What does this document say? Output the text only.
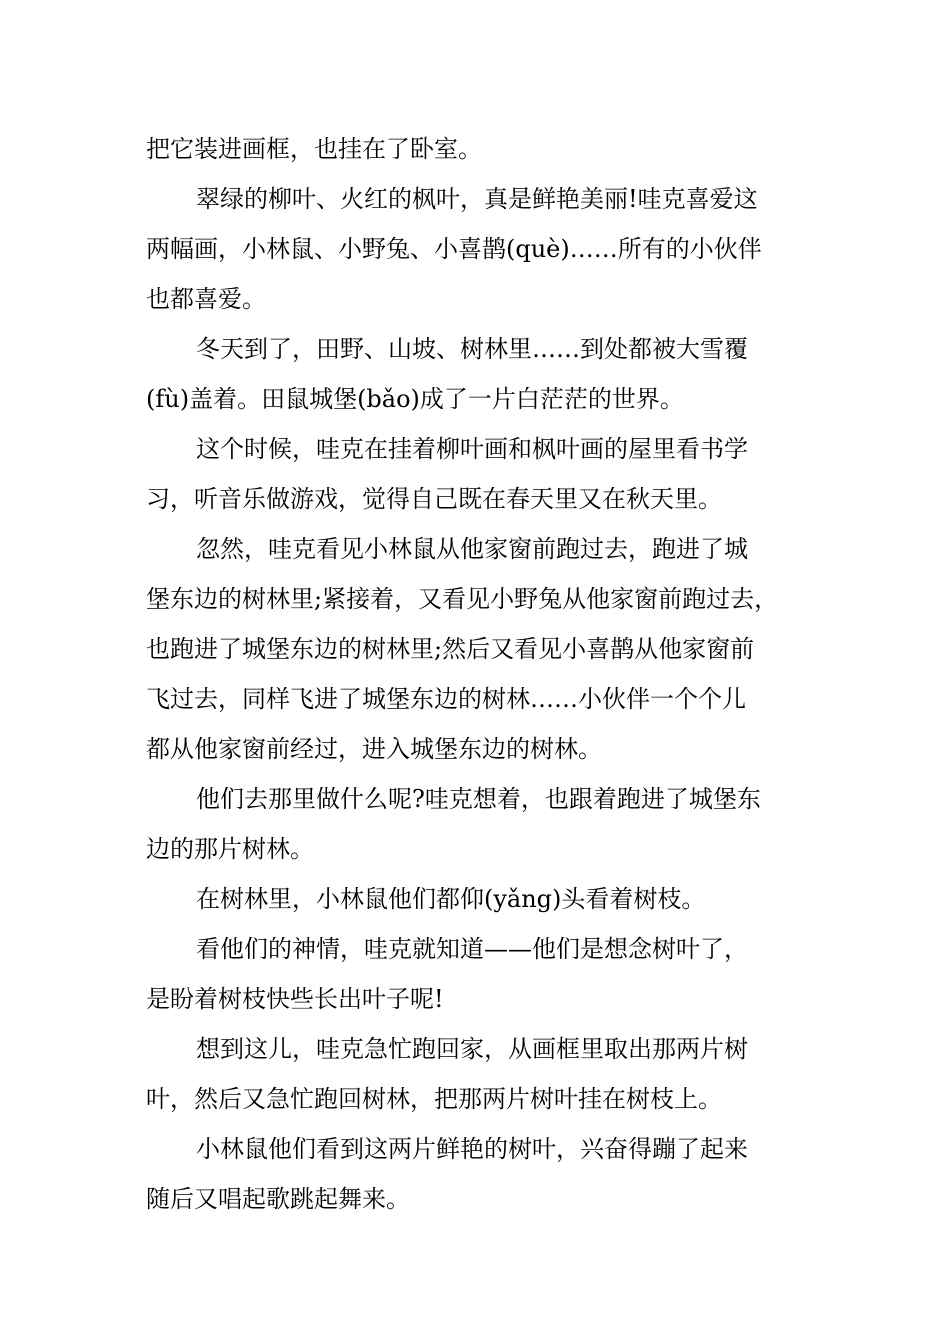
把它装进画框，也挂在了卧室。
翠绿的柳叶、火红的枫叶，真是鲜艳美丽!哇克喜爱这
两幅画，小林鼠、小野兔、小喜鹊(què)……所有的小伙伴
也都喜爱。
冬天到了，田野、山坡、树林里……到处都被大雪覆
(fù)盖着。田鼠城堡(bǎo)成了一片白茫茫的世界。
这个时候，哇克在挂着柳叶画和枫叶画的屋里看书学
习，听音乐做游戏，觉得自己既在春天里又在秋天里。
忽然，哇克看见小林鼠从他家窗前跑过去，跑进了城
堡东边的树林里;紧接着，又看见小野兔从他家窗前跑过去，
也跑进了城堡东边的树林里;然后又看见小喜鹊从他家窗前
飞过去，同样飞进了城堡东边的树林……小伙伴一个个儿
都从他家窗前经过，进入城堡东边的树林。
他们去那里做什么呢?哇克想着，也跟着跑进了城堡东
边的那片树林。
在树林里，小林鼠他们都仰(yǎng)头看着树枝。
看他们的神情，哇克就知道——他们是想念树叶了，
是盼着树枝快些长出叶子呢!
想到这儿，哇克急忙跑回家，从画框里取出那两片树
叶，然后又急忙跑回树林，把那两片树叶挂在树枝上。
小林鼠他们看到这两片鲜艳的树叶，兴奋得蹦了起来
随后又唱起歌跳起舞来。
